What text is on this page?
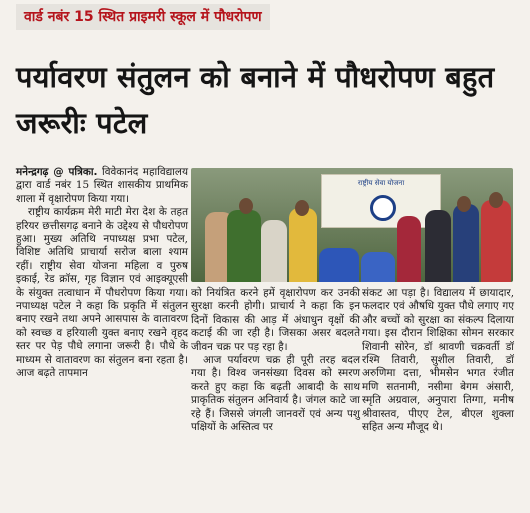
वार्ड नबंर 15 स्थित प्राइमरी स्कूल में पौधरोपण
पर्यावरण संतुलन को बनाने में पौधरोपण बहुत जरूरीः पटेल
राष्ट्रीय सेवा योजना

मनेन्द्रगढ़ @ पत्रिका. विवेकानंद महाविद्यालय द्वारा वार्ड नबंर 15 स्थित शासकीय प्राथमिक शाला में वृक्षारोपण किया गया।

राष्ट्रीय कार्यक्रम मेरी माटी मेरा देश के तहत हरियर छत्तीसगढ़ बनाने के उद्देश्य से पौधरोपण हुआ। मुख्य अतिथि नपाध्यक्ष प्रभा पटेल, विशिष्ट अतिथि प्राचार्या सरोज बाला श्याम रहीं। राष्ट्रीय सेवा योजना महिला व पुरुष इकाई, रेड क्रॉस, गृह विज्ञान एवं आइक्यूएसी के संयुक्त तत्वाधान में पौधरोपण किया गया। नपाध्यक्ष पटेल ने कहा कि प्रकृति में संतुलन बनाए रखने तथा अपने आसपास के वातावरण को स्वच्छ व हरियाली युक्त बनाए रखने वृहद स्तर पर पेड़ पौधे लगाना जरूरी है। पौधे के माध्यम से वातावरण का संतुलन बना रहता है। आज बढ़ते तापमान

को नियंत्रित करने हमें वृक्षारोपण कर उनकी सुरक्षा करनी होगी। प्राचार्य ने कहा कि इन दिनों विकास की आड़ में अंधाधुन वृक्षों की कटाई की जा रही है। जिसका असर बदलते जीवन चक्र पर पड़ रहा है।

आज पर्यावरण चक्र ही पूरी तरह बदल गया है। विश्व जनसंख्या दिवस को स्मरण करते हुए कहा कि बढ़ती आबादी के साथ प्राकृतिक संतुलन अनिवार्य है। जंगल काटे जा रहे हैं। जिससे जंगली जानवरों एवं अन्य पशु पक्षियों के अस्तित्व पर

संकट आ पड़ा है। विद्यालय में छायादार, फलदार एवं औषधि युक्त पौधे लगाए गए और बच्चों को सुरक्षा का संकल्प दिलाया गया। इस दौरान शिक्षिका सोमन सरकार शिवानी सोरेन, डॉ श्रावणी चक्रवर्ती डॉ रश्मि तिवारी, सुशील तिवारी, डॉ अरुणिमा दत्ता, भीमसेन भगत रंजीत मणि सतनामी, नसीमा बेगम अंसारी, स्मृति अग्रवाल, अनुपारा तिग्गा, मनीष श्रीवास्तव, पीएए टेल, बीएल शुक्ला सहित अन्य मौजूद थे।
